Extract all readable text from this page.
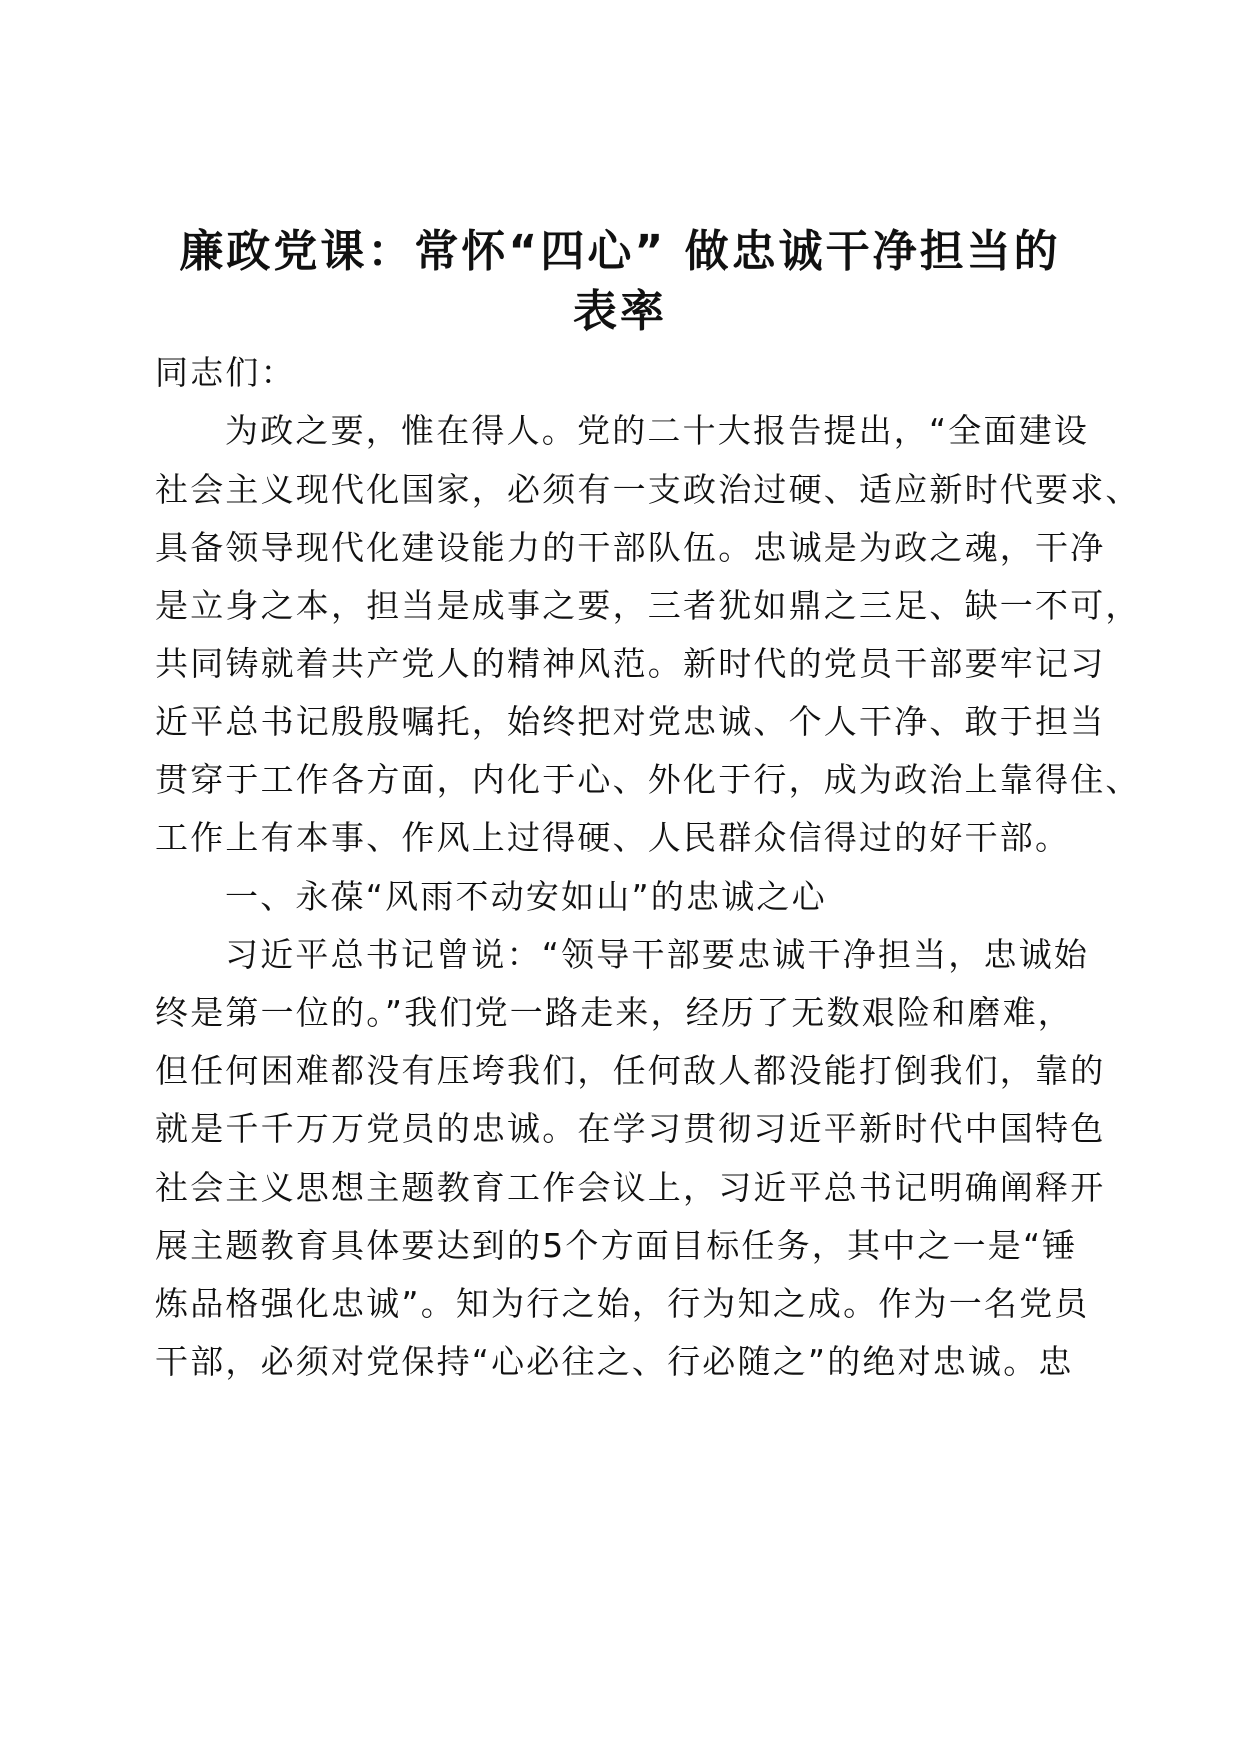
廉政党课：常怀“四心” 做忠诚干净担当的
表率
同志们：
为政之要，惟在得人。党的二十大报告提出，“全面建设
社会主义现代化国家，必须有一支政治过硬、适应新时代要求、
具备领导现代化建设能力的干部队伍。忠诚是为政之魂，干净
是立身之本，担当是成事之要，三者犹如鼎之三足、缺一不可，
共同铸就着共产党人的精神风范。新时代的党员干部要牢记习
近平总书记殷殷嘱托，始终把对党忠诚、个人干净、敢于担当
贯穿于工作各方面，内化于心、外化于行，成为政治上靠得住、
工作上有本事、作风上过得硬、人民群众信得过的好干部。
一、永葆“风雨不动安如山”的忠诚之心
习近平总书记曾说：“领导干部要忠诚干净担当，忠诚始
终是第一位的。”我们党一路走来，经历了无数艰险和磨难，
但任何困难都没有压垮我们，任何敌人都没能打倒我们，靠的
就是千千万万党员的忠诚。在学习贯彻习近平新时代中国特色
社会主义思想主题教育工作会议上，习近平总书记明确阐释开
展主题教育具体要达到的5个方面目标任务，其中之一是“锤
炼品格强化忠诚”。知为行之始，行为知之成。作为一名党员
干部，必须对党保持“心必往之、行必随之”的绝对忠诚。忠
